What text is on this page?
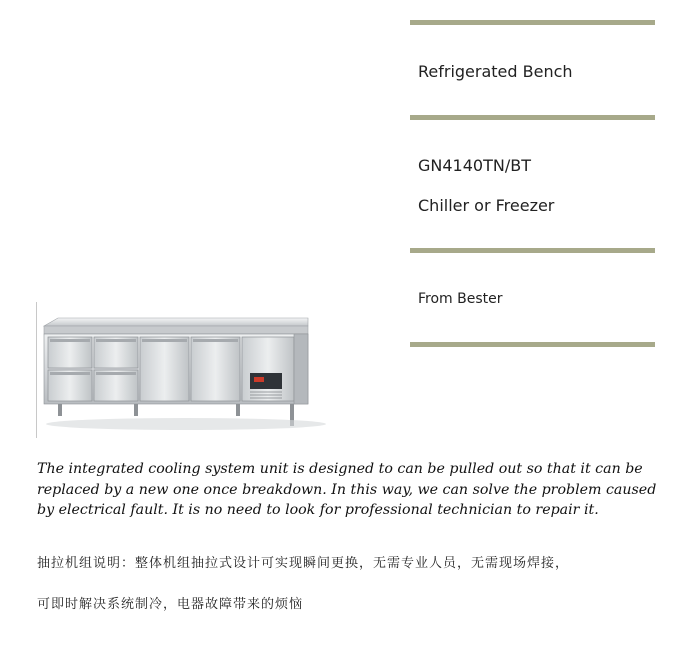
Refrigerated Bench
GN4140TN/BT
Chiller or Freezer
From Bester
The integrated cooling system unit is designed to can be pulled out so that it can be replaced by a new one once breakdown. In this way, we can solve the problem caused by electrical fault. It is no need to look for professional technician to repair it.
抽拉机组说明：整体机组抽拉式设计可实现瞬间更换，无需专业人员，无需现场焊接，
可即时解决系统制冷，电器故障带来的烦恼
